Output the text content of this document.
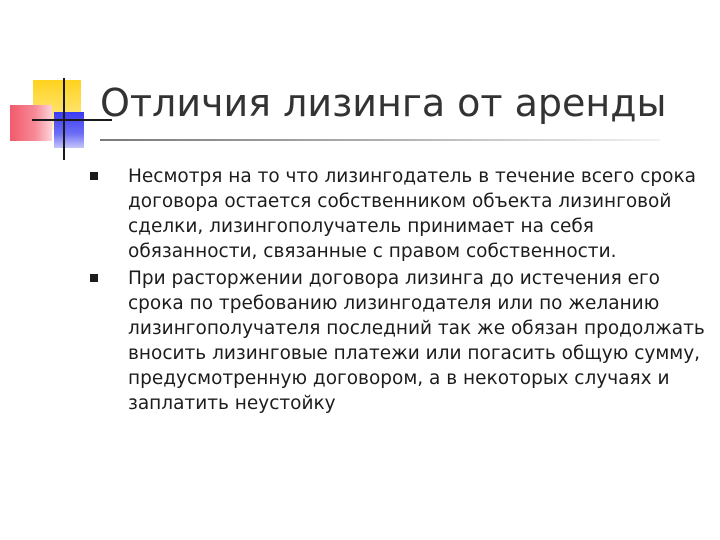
Отличия лизинга от аренды
Несмотря на то что лизингодатель в течение всего срока договора остается собственником объекта лизинговой сделки, лизингополучатель принимает на себя обязанности, связанные с правом собственности.
При расторжении договора лизинга до истечения его срока по требованию лизингодателя или по желанию лизингополучателя последний так же обязан продолжать вносить лизинговые платежи или погасить общую сумму, предусмотренную договором, а в некоторых случаях и заплатить неустойку
